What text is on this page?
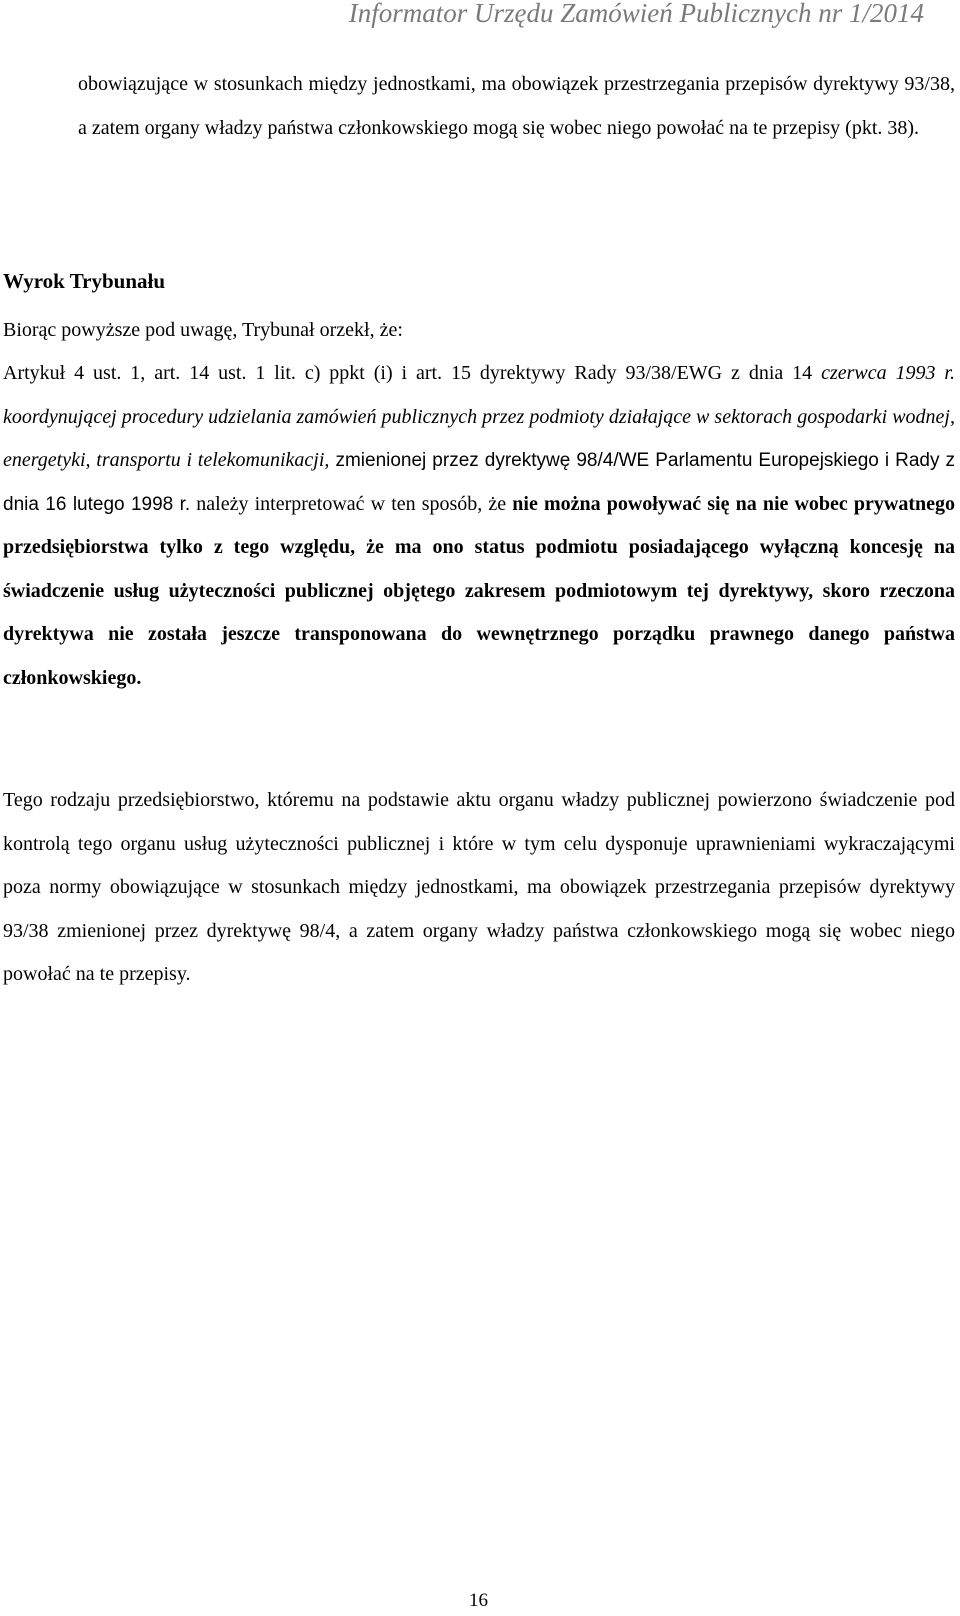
Informator Urzędu Zamówień Publicznych nr 1/2014

obowiązujące w stosunkach między jednostkami, ma obowiązek przestrzegania przepisów dyrektywy 93/38, a zatem organy władzy państwa członkowskiego mogą się wobec niego powołać na te przepisy (pkt. 38).

Wyrok Trybunału

Biorąc powyższe pod uwagę, Trybunał orzekł, że:

Artykuł 4 ust. 1, art. 14 ust. 1 lit. c) ppkt (i) i art. 15 dyrektywy Rady 93/38/EWG z dnia 14 czerwca 1993 r. koordynującej procedury udzielania zamówień publicznych przez podmioty działające w sektorach gospodarki wodnej, energetyki, transportu i telekomunikacji, zmienionej przez dyrektywę 98/4/WE Parlamentu Europejskiego i Rady z dnia 16 lutego 1998 r. należy interpretować w ten sposób, że nie można powoływać się na nie wobec prywatnego przedsiębiorstwa tylko z tego względu, że ma ono status podmiotu posiadającego wyłączną koncesję na świadczenie usług użyteczności publicznej objętego zakresem podmiotowym tej dyrektywy, skoro rzeczona dyrektywa nie została jeszcze transponowana do wewnętrznego porządku prawnego danego państwa członkowskiego.

Tego rodzaju przedsiębiorstwo, któremu na podstawie aktu organu władzy publicznej powierzono świadczenie pod kontrolą tego organu usług użyteczności publicznej i które w tym celu dysponuje uprawnieniami wykraczającymi poza normy obowiązujące w stosunkach między jednostkami, ma obowiązek przestrzegania przepisów dyrektywy 93/38 zmienionej przez dyrektywę 98/4, a zatem organy władzy państwa członkowskiego mogą się wobec niego powołać na te przepisy.

16
